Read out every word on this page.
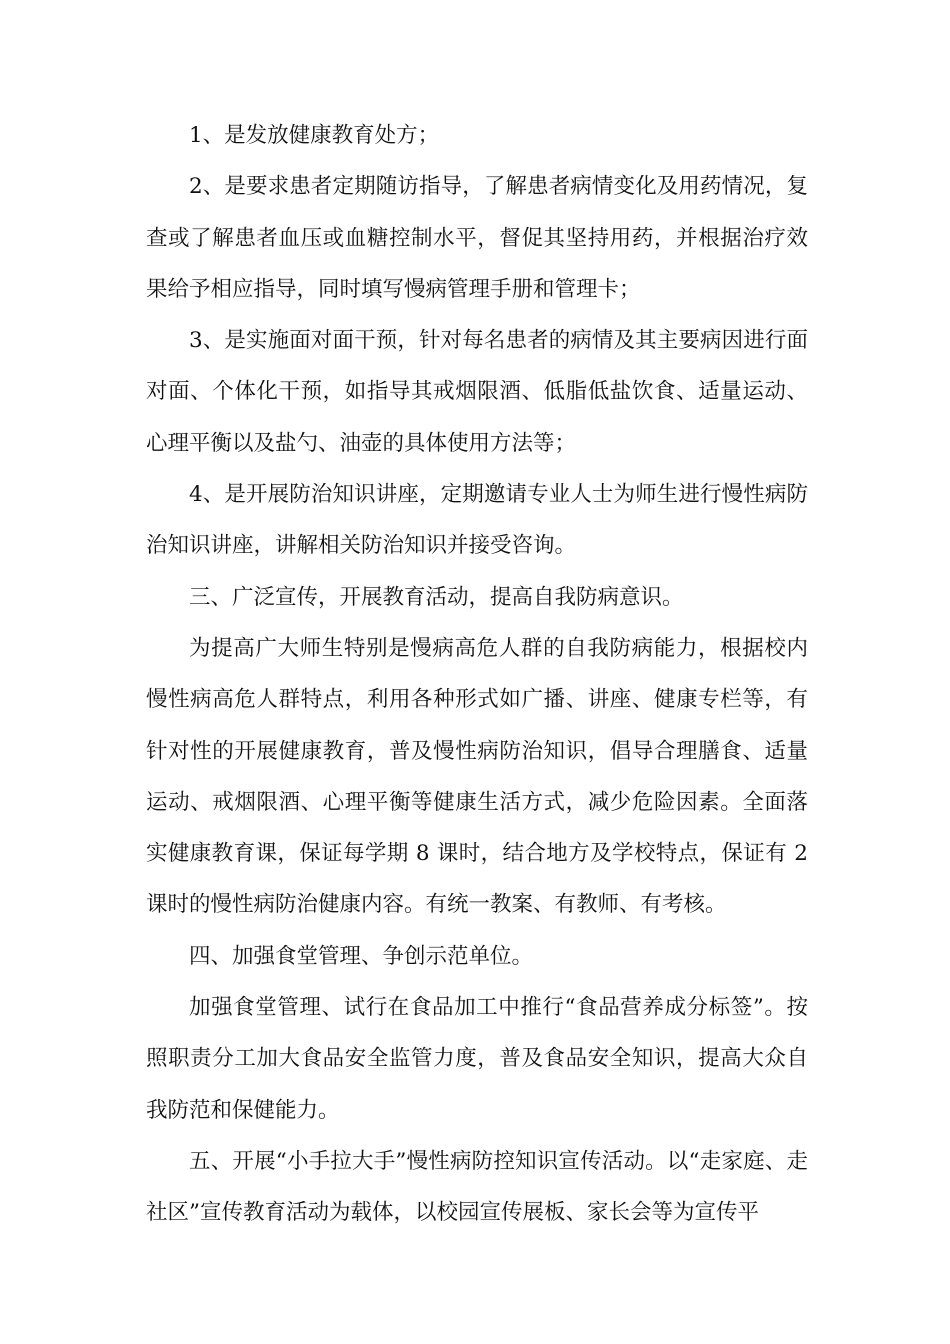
1、是发放健康教育处方；

2、是要求患者定期随访指导，了解患者病情变化及用药情况，复查或了解患者血压或血糖控制水平，督促其坚持用药，并根据治疗效果给予相应指导，同时填写慢病管理手册和管理卡；

3、是实施面对面干预，针对每名患者的病情及其主要病因进行面对面、个体化干预，如指导其戒烟限酒、低脂低盐饮食、适量运动、心理平衡以及盐勺、油壶的具体使用方法等；

4、是开展防治知识讲座，定期邀请专业人士为师生进行慢性病防治知识讲座，讲解相关防治知识并接受咨询。

三、广泛宣传，开展教育活动，提高自我防病意识。

为提高广大师生特别是慢病高危人群的自我防病能力，根据校内慢性病高危人群特点，利用各种形式如广播、讲座、健康专栏等，有针对性的开展健康教育，普及慢性病防治知识，倡导合理膳食、适量运动、戒烟限酒、心理平衡等健康生活方式，减少危险因素。全面落实健康教育课，保证每学期 8 课时，结合地方及学校特点，保证有 2 课时的慢性病防治健康内容。有统一教案、有教师、有考核。

四、加强食堂管理、争创示范单位。

加强食堂管理、试行在食品加工中推行“食品营养成分标签”。按照职责分工加大食品安全监管力度，普及食品安全知识，提高大众自我防范和保健能力。

五、开展“小手拉大手”慢性病防控知识宣传活动。以“走家庭、走社区”宣传教育活动为载体，以校园宣传展板、家长会等为宣传平
